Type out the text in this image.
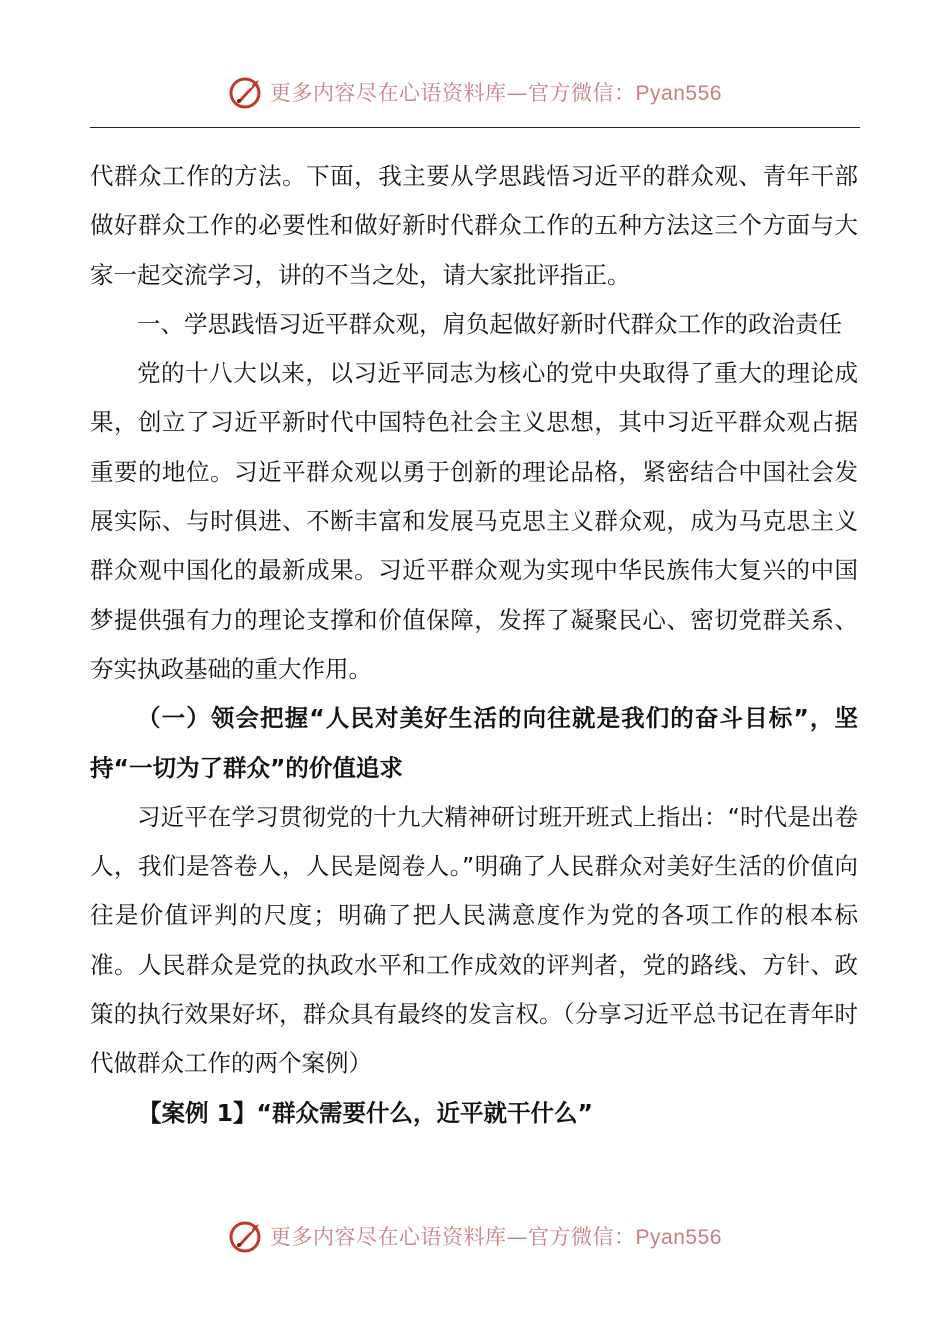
更多内容尽在心语资料库—官方微信：Pyan556

代群众工作的方法。下面，我主要从学思践悟习近平的群众观、青年干部做好群众工作的必要性和做好新时代群众工作的五种方法这三个方面与大家一起交流学习，讲的不当之处，请大家批评指正。

一、学思践悟习近平群众观，肩负起做好新时代群众工作的政治责任

党的十八大以来，以习近平同志为核心的党中央取得了重大的理论成果，创立了习近平新时代中国特色社会主义思想，其中习近平群众观占据重要的地位。习近平群众观以勇于创新的理论品格，紧密结合中国社会发展实际、与时俱进、不断丰富和发展马克思主义群众观，成为马克思主义群众观中国化的最新成果。习近平群众观为实现中华民族伟大复兴的中国梦提供强有力的理论支撑和价值保障，发挥了凝聚民心、密切党群关系、夯实执政基础的重大作用。

（一）领会把握“人民对美好生活的向往就是我们的奋斗目标”，坚持“一切为了群众”的价值追求

习近平在学习贯彻党的十九大精神研讨班开班式上指出：“时代是出卷人，我们是答卷人，人民是阅卷人。”明确了人民群众对美好生活的价值向往是价值评判的尺度；明确了把人民满意度作为党的各项工作的根本标准。人民群众是党的执政水平和工作成效的评判者，党的路线、方针、政策的执行效果好坏，群众具有最终的发言权。（分享习近平总书记在青年时代做群众工作的两个案例）

【案例 1】“群众需要什么，近平就干什么”

更多内容尽在心语资料库—官方微信：Pyan556
